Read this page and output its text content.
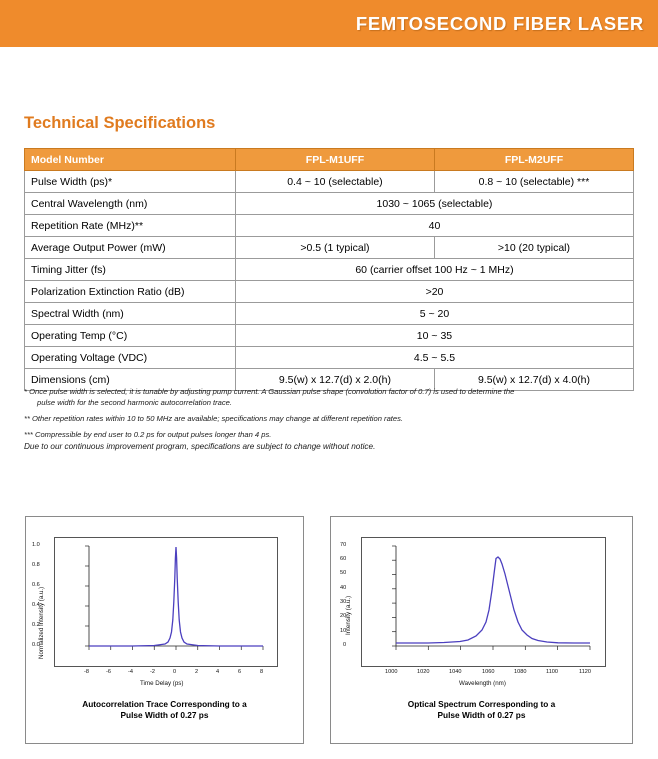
FEMTOSECOND FIBER LASER
Technical Specifications
Model Number	FPL-M1UFF	FPL-M2UFF
Pulse Width (ps)*	0.4 ~ 10 (selectable)	0.8 ~ 10 (selectable) ***
Central Wavelength (nm)	1030 ~ 1065 (selectable)	
Repetition Rate (MHz)**	40	
Average Output Power (mW)	>0.5 (1 typical)	>10 (20 typical)
Timing Jitter (fs)	60 (carrier offset 100 Hz ~ 1 MHz)	
Polarization Extinction Ratio (dB)	>20	
Spectral Width (nm)	5 ~ 20	
Operating Temp (°C)	10 ~ 35	
Operating Voltage (VDC)	4.5 ~ 5.5	
Dimensions (cm)	9.5(w) x 12.7(d) x 2.0(h)	9.5(w) x 12.7(d) x 4.0(h)

* Once pulse width is selected, it is tunable by adjusting pump current. A Gaussian pulse shape (convolution factor of 0.7) is used to determine the
pulse width for the second harmonic autocorrelation trace.

** Other repetition rates within 10 to 50 MHz are available; specifications may change at different repetition rates.

*** Compressible by end user to 0.2 ps for output pulses longer than 4 ps.

Due to our continuous improvement program, specifications are subject to change without notice.
Normalized Intensity (a.u.)
0.0
0.2
0.4
0.6
0.8
1.0
-8	-6	-4	-2	0	2	4	6	8
Time Delay (ps)
Autocorrelation Trace Corresponding to a
Pulse Width of 0.27 ps
Intensity (a.u.)
0
10
20
30
40
50
60
70
1000	1020	1040	1060	1080	1100	1120
Wavelength (nm)
Optical Spectrum Corresponding to a
Pulse Width of 0.27 ps
